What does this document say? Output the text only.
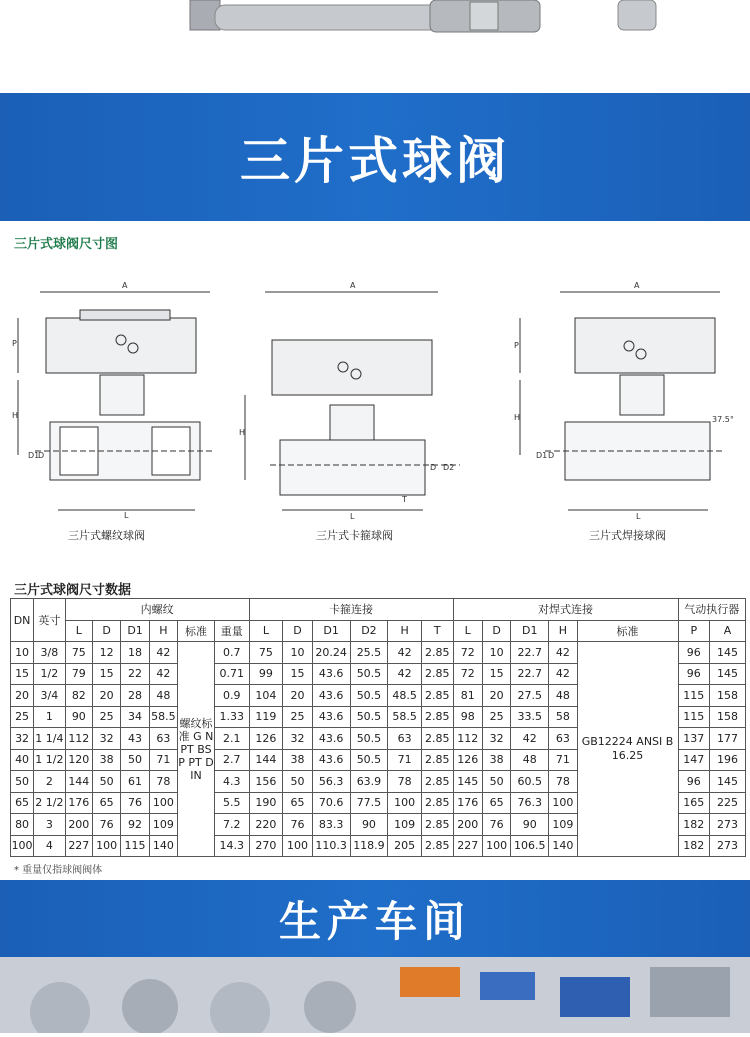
三片式球阀
三片式球阀尺寸图
A
P
H
D1
D
L
A
H
D D2
T
L
A
P
H	37.5°
D1 D
L
三片式螺纹球阀	三片式卡箍球阀	三片式焊接球阀
三片式球阀尺寸数据
DN	英寸	内螺纹						卡箍连接						对焊式连接					气动执行器	
		L	D	D1	H	标准	重量	L	D	D1	D2	H	T	L	D	D1	H	标准	P	A
10	3/8	75	12	18	42	螺纹标准 G NPT BSP PT DIN	0.7	75	10	20.24	25.5	42	2.85	72	10	22.7	42	GB12224 ANSI B 16.25	96	145
15	1/2	79	15	22	42		0.71	99	15	43.6	50.5	42	2.85	72	15	22.7	42		96	145
20	3/4	82	20	28	48		0.9	104	20	43.6	50.5	48.5	2.85	81	20	27.5	48		115	158
25	1	90	25	34	58.5		1.33	119	25	43.6	50.5	58.5	2.85	98	25	33.5	58		115	158
32	1 1/4	112	32	43	63		2.1	126	32	43.6	50.5	63	2.85	112	32	42	63		137	177
40	1 1/2	120	38	50	71		2.7	144	38	43.6	50.5	71	2.85	126	38	48	71		147	196
50	2	144	50	61	78		4.3	156	50	56.3	63.9	78	2.85	145	50	60.5	78		96	145
65	2 1/2	176	65	76	100		5.5	190	65	70.6	77.5	100	2.85	176	65	76.3	100		165	225
80	3	200	76	92	109		7.2	220	76	83.3	90	109	2.85	200	76	90	109		182	273
100	4	227	100	115	140		14.3	270	100	110.3	118.9	205	2.85	227	100	106.5	140		182	273
* 重量仅指球阀阀体
生产车间
